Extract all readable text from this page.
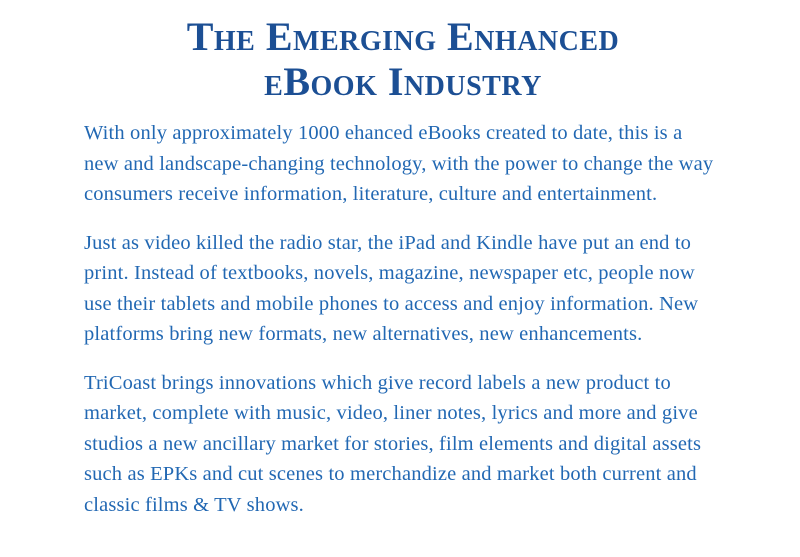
The Emerging Enhanced
eBook Industry

With only approximately 1000 ehanced eBooks created to date, this is a new and landscape-changing technology, with the power to change the way consumers receive information, literature, culture and entertainment.

Just as video killed the radio star, the iPad and Kindle have put an end to print. Instead of textbooks, novels, magazine, newspaper etc, people now use their tablets and mobile phones to access and enjoy information. New platforms bring new formats, new alternatives, new enhancements.

TriCoast brings innovations which give record labels a new product to market, complete with music, video, liner notes, lyrics and more and give studios a new ancillary market for stories, film elements and digital assets such as EPKs and cut scenes to merchandize and market both current and classic films & TV shows.
